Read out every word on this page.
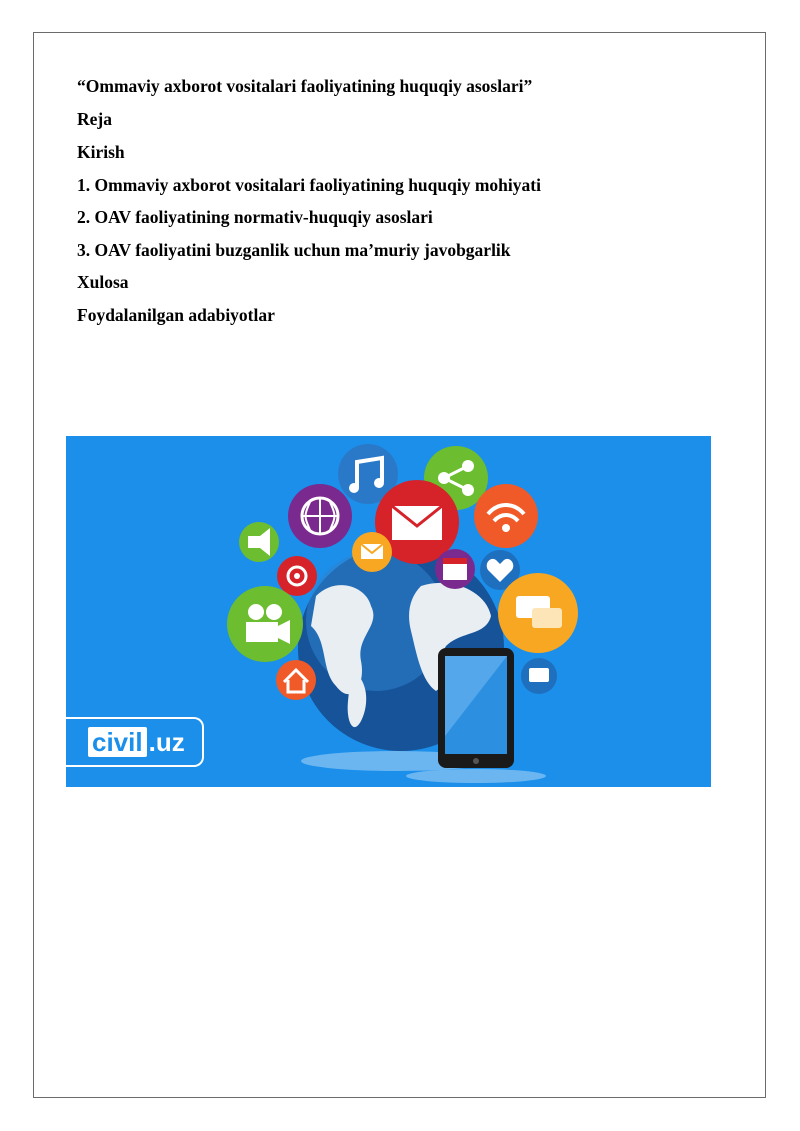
“Ommaviy axborot vositalari faoliyatining huquqiy asoslari”
Reja
Kirish
1. Ommaviy axborot vositalari faoliyatining huquqiy mohiyati
2. OAV faoliyatining normativ-huquqiy asoslari
3. OAV faoliyatini buzganlik uchun ma’muriy javobgarlik
Xulosa
Foydalanilgan adabiyotlar
civil .uz
